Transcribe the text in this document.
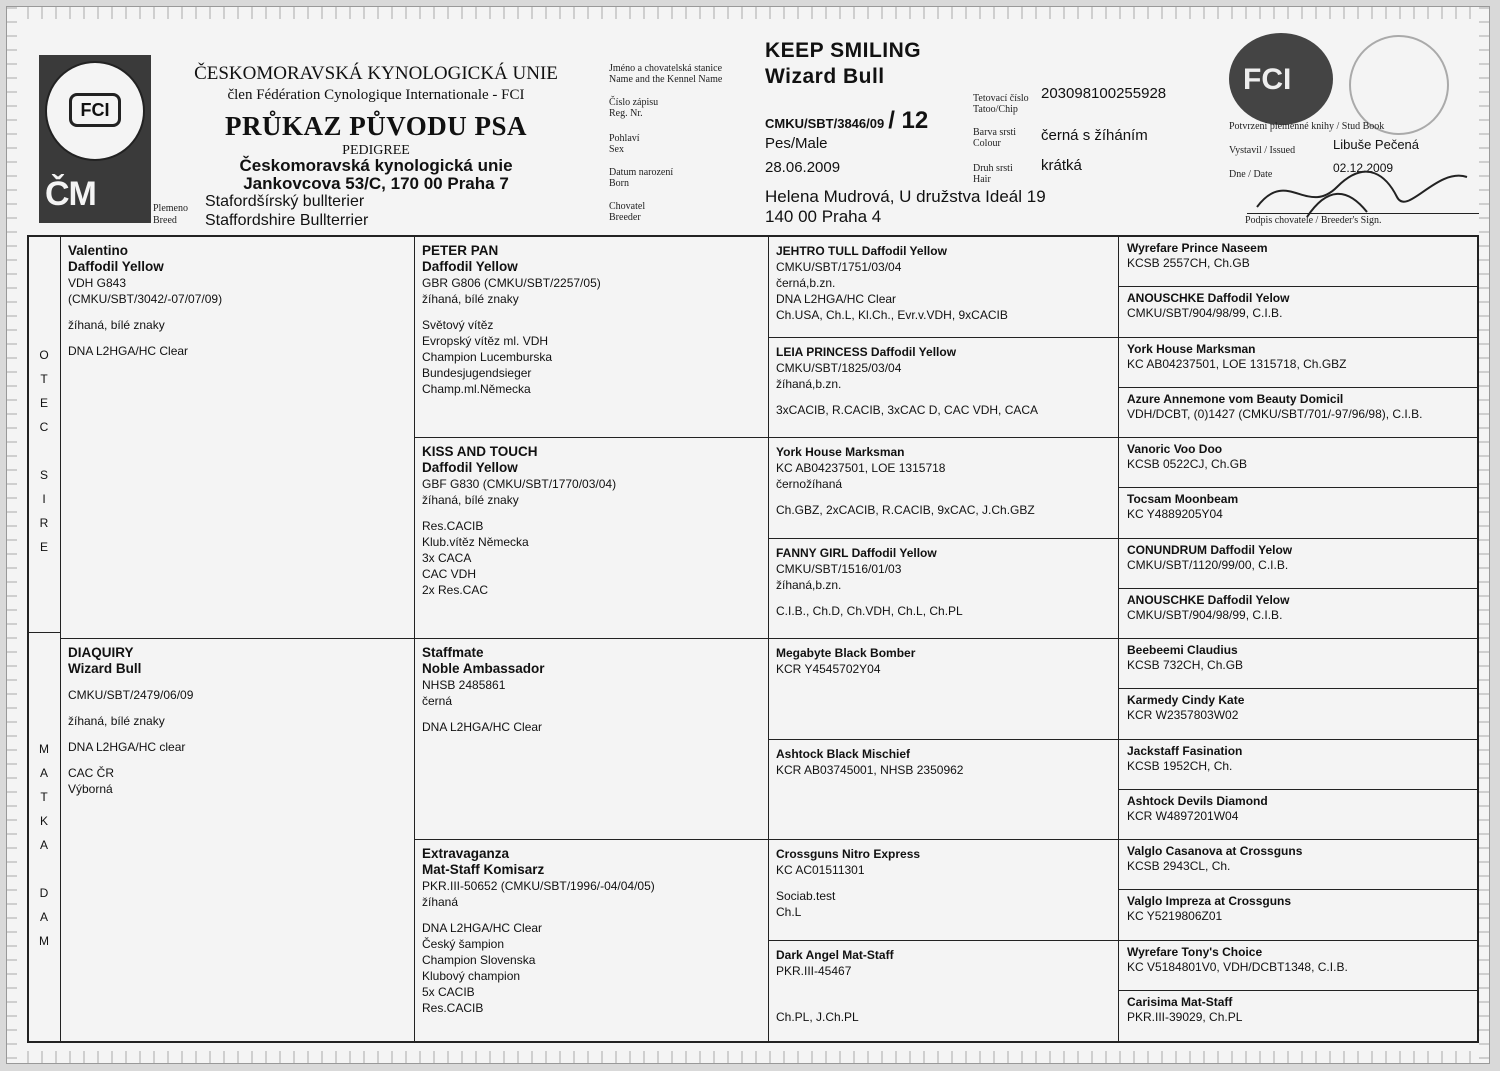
FCI
ČM
ČESKOMORAVSKÁ KYNOLOGICKÁ UNIE
člen Fédération Cynologique Internationale - FCI
PRŮKAZ PŮVODU PSA
PEDIGREE
Českomoravská kynologická unie
Jankovcova 53/C, 170 00 Praha 7
Plemeno
Breed
Stafordšírský bullterier
Staffordshire Bullterrier
Jméno a chovatelská stanice
Name and the Kennel Name
Číslo zápisu
Reg. Nr.
Pohlaví
Sex
Datum narození
Born
Chovatel
Breeder
KEEP SMILING
Wizard Bull
CMKU/SBT/3846/09 / 12
Pes/Male
28.06.2009
Helena Mudrová, U družstva Ideál 19
140 00 Praha 4
Tetovací číslo
Tatoo/Chip
Barva srsti
Colour
Druh srsti
Hair
203098100255928
černá s žíháním
krátká
FCI
Potvrzení plemenné knihy / Stud Book
Vystavil / Issued
Dne / Date
Libuše Pečená
02.12.2009
Podpis chovatele / Breeder's Sign.
O
T
E
C
S
I
R
E
M
A
T
K
A
D
A
M
Valentino
Daffodil Yellow
VDH G843
(CMKU/SBT/3042/-07/07/09)
žíhaná, bílé znaky
DNA L2HGA/HC Clear
DIAQUIRY
Wizard Bull
CMKU/SBT/2479/06/09
žíhaná, bílé znaky
DNA L2HGA/HC clear
CAC ČR
Výborná
PETER PAN
Daffodil Yellow
GBR G806 (CMKU/SBT/2257/05)
žíhaná, bílé znaky
Světový vítěz
Evropský vítěz ml. VDH
Champion Lucemburska
Bundesjugendsieger
Champ.ml.Německa
KISS AND TOUCH
Daffodil Yellow
GBF G830 (CMKU/SBT/1770/03/04)
žíhaná, bílé znaky
Res.CACIB
Klub.vítěz Německa
3x CACA
CAC VDH
2x Res.CAC
Staffmate
Noble Ambassador
NHSB 2485861
černá
DNA L2HGA/HC Clear
Extravaganza
Mat-Staff Komisarz
PKR.III-50652 (CMKU/SBT/1996/-04/04/05)
žíhaná
DNA L2HGA/HC Clear
Český šampion
Champion Slovenska
Klubový champion
5x CACIB
Res.CACIB
JEHTRO TULL Daffodil Yellow
CMKU/SBT/1751/03/04
černá,b.zn.
DNA L2HGA/HC Clear
Ch.USA, Ch.L, Kl.Ch., Evr.v.VDH, 9xCACIB
LEIA PRINCESS Daffodil Yellow
CMKU/SBT/1825/03/04
žíhaná,b.zn.
3xCACIB, R.CACIB, 3xCAC D, CAC VDH, CACA
York House Marksman
KC AB04237501, LOE 1315718
černožíhaná
Ch.GBZ, 2xCACIB, R.CACIB, 9xCAC, J.Ch.GBZ
FANNY GIRL Daffodil Yellow
CMKU/SBT/1516/01/03
žíhaná,b.zn.
C.I.B., Ch.D, Ch.VDH, Ch.L, Ch.PL
Megabyte Black Bomber
KCR Y4545702Y04
Ashtock Black Mischief
KCR AB03745001, NHSB 2350962
Crossguns Nitro Express
KC AC01511301
Sociab.test
Ch.L
Dark Angel Mat-Staff
PKR.III-45467
Ch.PL, J.Ch.PL
Wyrefare Prince Naseem
KCSB 2557CH, Ch.GB
ANOUSCHKE Daffodil Yelow
CMKU/SBT/904/98/99, C.I.B.
York House Marksman
KC AB04237501, LOE 1315718, Ch.GBZ
Azure Annemone vom Beauty Domicil
VDH/DCBT, (0)1427 (CMKU/SBT/701/-97/96/98), C.I.B.
Vanoric Voo Doo
KCSB 0522CJ, Ch.GB
Tocsam Moonbeam
KC Y4889205Y04
CONUNDRUM Daffodil Yelow
CMKU/SBT/1120/99/00, C.I.B.
ANOUSCHKE Daffodil Yelow
CMKU/SBT/904/98/99, C.I.B.
Beebeemi Claudius
KCSB 732CH, Ch.GB
Karmedy Cindy Kate
KCR W2357803W02
Jackstaff Fasination
KCSB 1952CH, Ch.
Ashtock Devils Diamond
KCR W4897201W04
Valglo Casanova at Crossguns
KCSB 2943CL, Ch.
Valglo Impreza at Crossguns
KC Y5219806Z01
Wyrefare Tony's Choice
KC V5184801V0, VDH/DCBT1348, C.I.B.
Carisima Mat-Staff
PKR.III-39029, Ch.PL
